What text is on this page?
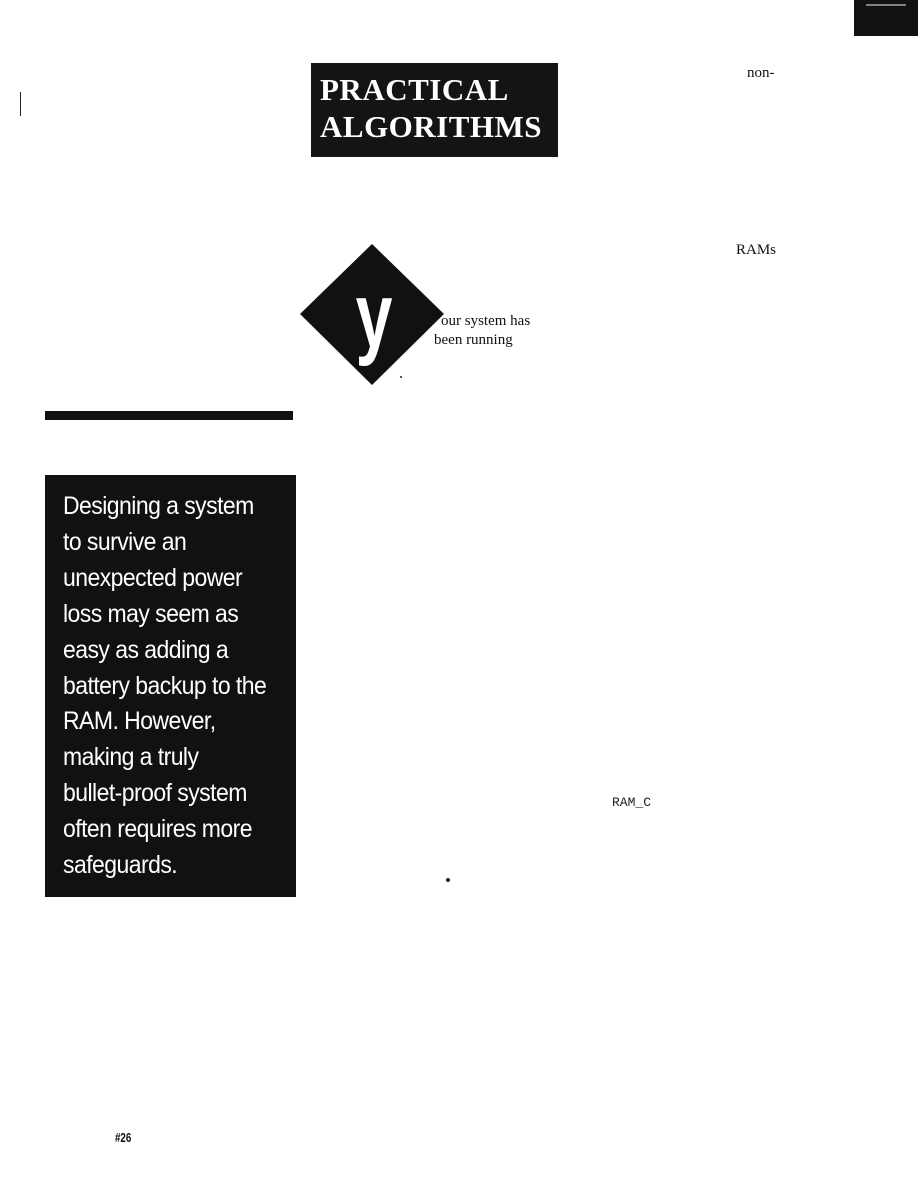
PRACTICAL
ALGORITHMS
non-
RAMs
y	our system has
been running
Designing a system
to survive an
unexpected power
loss may seem as
easy as adding a
battery backup to the
RAM. However,
making a truly
bullet-proof system
often requires more
safeguards.
RAM_C
#26
